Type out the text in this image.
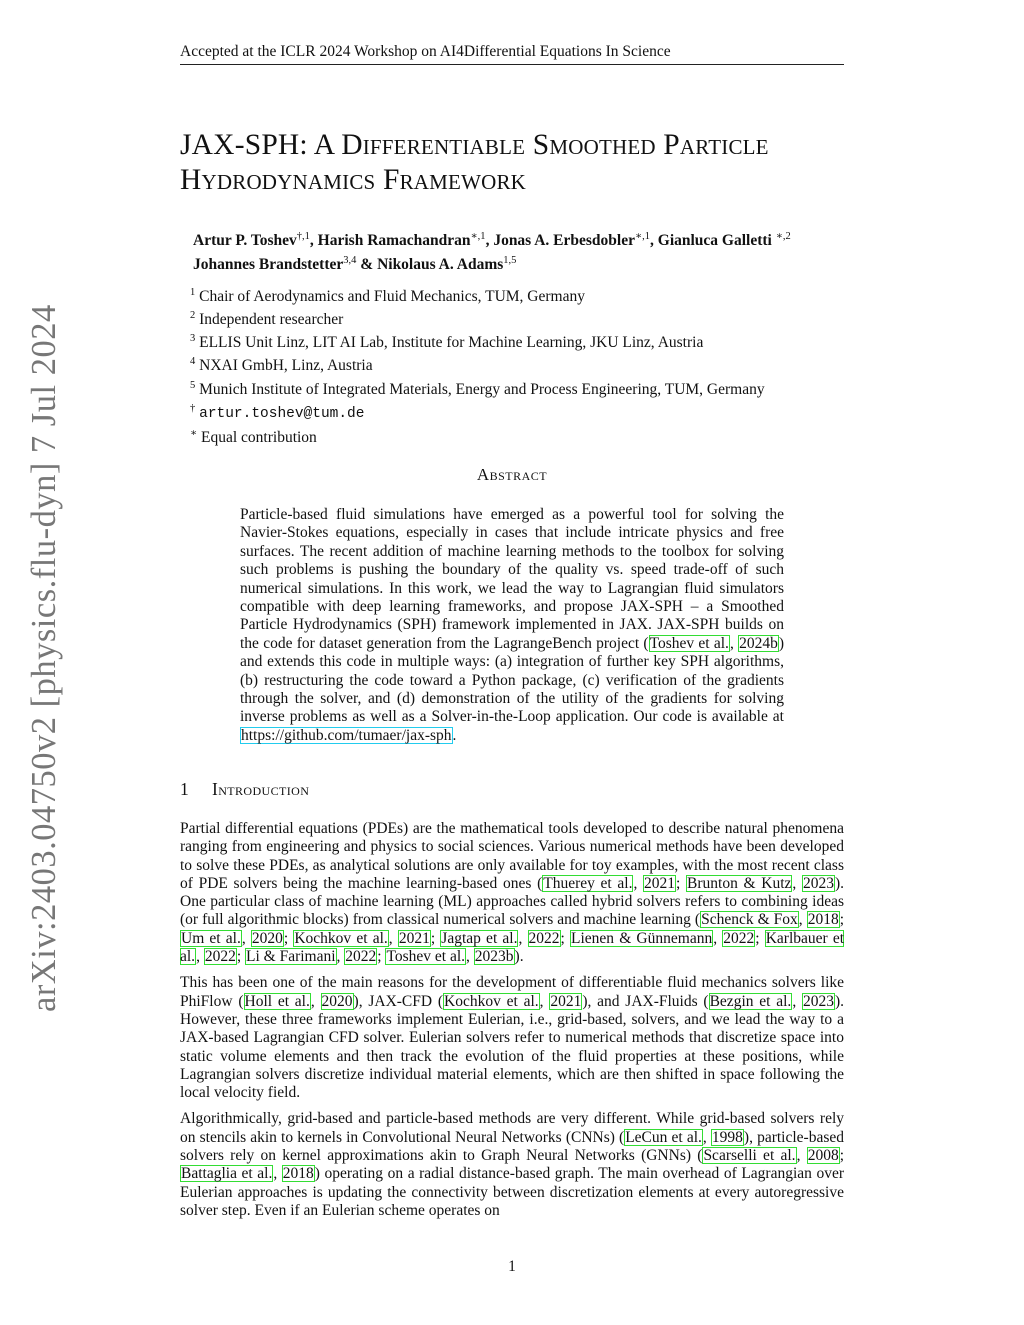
Accepted at the ICLR 2024 Workshop on AI4Differential Equations In Science
arXiv:2403.04750v2 [physics.flu-dyn] 7 Jul 2024
JAX-SPH: A Differentiable Smoothed Particle
Hydrodynamics Framework
Artur P. Toshev$^{\dagger,1}$, Harish Ramachandran$^{∗,1}$, Jonas A. Erbesdobler$^{∗,1}$, Gianluca Galletti $^{∗,2}$
Johannes Brandstetter$^{3,4}$ & Nikolaus A. Adams$^{1,5}$
$^1$ Chair of Aerodynamics and Fluid Mechanics, TUM, Germany
$^2$ Independent researcher
$^3$ ELLIS Unit Linz, LIT AI Lab, Institute for Machine Learning, JKU Linz, Austria
$^4$ NXAI GmbH, Linz, Austria
$^5$ Munich Institute of Integrated Materials, Energy and Process Engineering, TUM, Germany
† artur.toshev@tum.de
∗ Equal contribution
Abstract
Particle-based fluid simulations have emerged as a powerful tool for solving the Navier-Stokes equations, especially in cases that include intricate physics and free surfaces. The recent addition of machine learning methods to the toolbox for solving such problems is pushing the boundary of the quality vs. speed trade-off of such numerical simulations. In this work, we lead the way to Lagrangian fluid simulators compatible with deep learning frameworks, and propose JAX-SPH – a Smoothed Particle Hydrodynamics (SPH) framework implemented in JAX. JAX-SPH builds on the code for dataset generation from the LagrangeBench project (Toshev et al., 2024b) and extends this code in multiple ways: (a) integration of further key SPH algorithms, (b) restructuring the code toward a Python package, (c) verification of the gradients through the solver, and (d) demonstration of the utility of the gradients for solving inverse problems as well as a Solver-in-the-Loop application. Our code is available at https://github.com/tumaer/jax-sph.
1 Introduction

Partial differential equations (PDEs) are the mathematical tools developed to describe natural phenomena ranging from engineering and physics to social sciences. Various numerical methods have been developed to solve these PDEs, as analytical solutions are only available for toy examples, with the most recent class of PDE solvers being the machine learning-based ones (Thuerey et al., 2021; Brunton & Kutz, 2023). One particular class of machine learning (ML) approaches called hybrid solvers refers to combining ideas (or full algorithmic blocks) from classical numerical solvers and machine learning (Schenck & Fox, 2018; Um et al., 2020; Kochkov et al., 2021; Jagtap et al., 2022; Lienen & Günnemann, 2022; Karlbauer et al., 2022; Li & Farimani, 2022; Toshev et al., 2023b).

This has been one of the main reasons for the development of differentiable fluid mechanics solvers like PhiFlow (Holl et al., 2020), JAX-CFD (Kochkov et al., 2021), and JAX-Fluids (Bezgin et al., 2023). However, these three frameworks implement Eulerian, i.e., grid-based, solvers, and we lead the way to a JAX-based Lagrangian CFD solver. Eulerian solvers refer to numerical methods that discretize space into static volume elements and then track the evolution of the fluid properties at these positions, while Lagrangian solvers discretize individual material elements, which are then shifted in space following the local velocity field.

Algorithmically, grid-based and particle-based methods are very different. While grid-based solvers rely on stencils akin to kernels in Convolutional Neural Networks (CNNs) (LeCun et al., 1998), particle-based solvers rely on kernel approximations akin to Graph Neural Networks (GNNs) (Scarselli et al., 2008; Battaglia et al., 2018) operating on a radial distance-based graph. The main overhead of Lagrangian over Eulerian approaches is updating the connectivity between discretization elements at every autoregressive solver step. Even if an Eulerian scheme operates on

1
